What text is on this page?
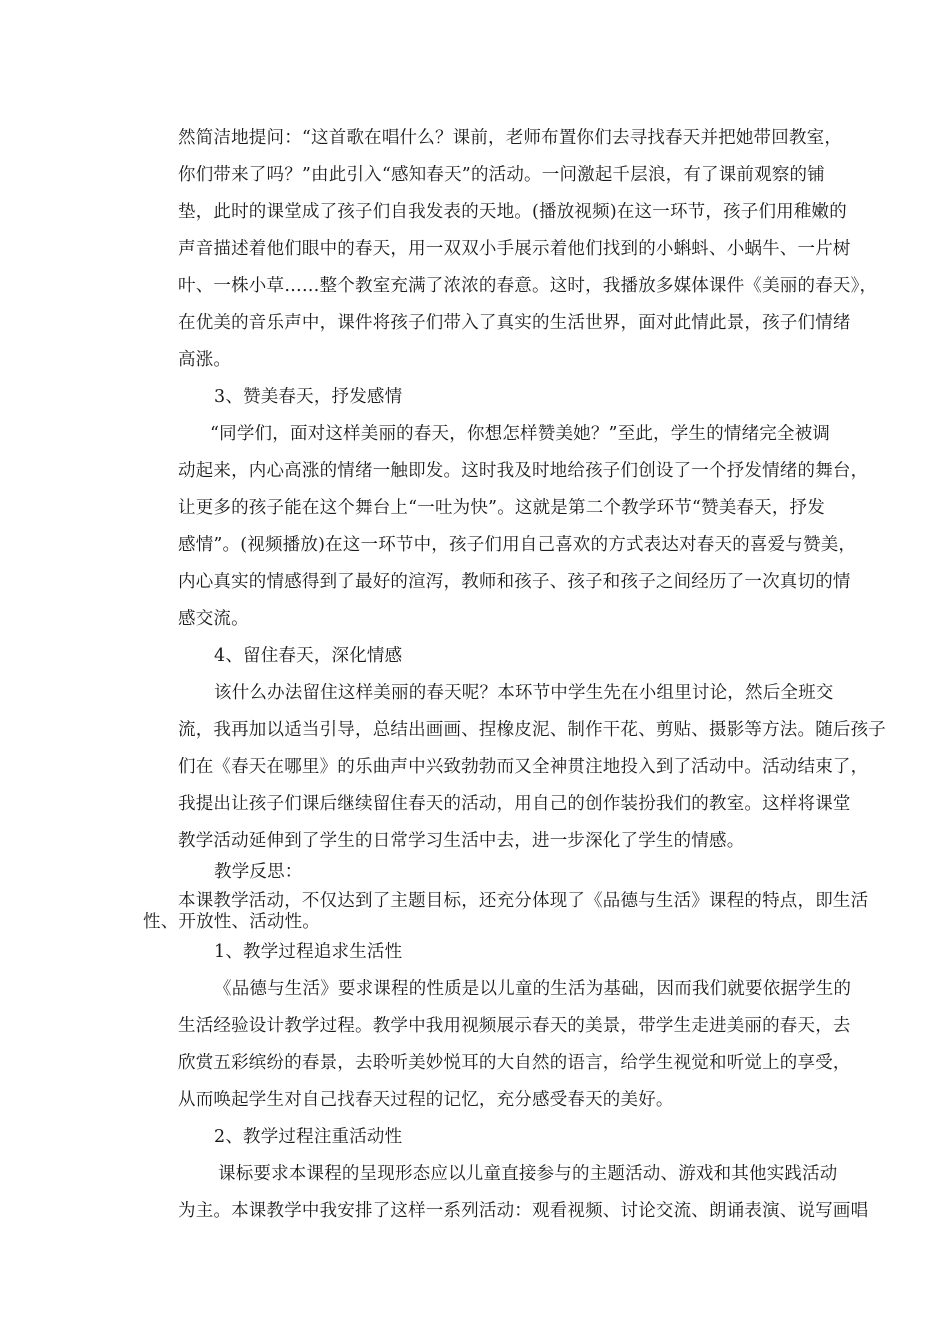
然简洁地提问：“这首歌在唱什么？课前，老师布置你们去寻找春天并把她带回教室，
你们带来了吗？”由此引入“感知春天”的活动。一问激起千层浪，有了课前观察的铺
垫，此时的课堂成了孩子们自我发表的天地。(播放视频)在这一环节，孩子们用稚嫩的
声音描述着他们眼中的春天，用一双双小手展示着他们找到的小蝌蚪、小蜗牛、一片树
叶、一株小草……整个教室充满了浓浓的春意。这时，我播放多媒体课件《美丽的春天》，
在优美的音乐声中，课件将孩子们带入了真实的生活世界，面对此情此景，孩子们情绪
高涨。
3、赞美春天，抒发感情
“同学们，面对这样美丽的春天，你想怎样赞美她？”至此，学生的情绪完全被调
动起来，内心高涨的情绪一触即发。这时我及时地给孩子们创设了一个抒发情绪的舞台，
让更多的孩子能在这个舞台上“一吐为快”。这就是第二个教学环节“赞美春天，抒发
感情”。(视频播放)在这一环节中，孩子们用自己喜欢的方式表达对春天的喜爱与赞美，
内心真实的情感得到了最好的渲泻，教师和孩子、孩子和孩子之间经历了一次真切的情
感交流。
4、留住春天，深化情感
该什么办法留住这样美丽的春天呢？本环节中学生先在小组里讨论，然后全班交
流，我再加以适当引导，总结出画画、捏橡皮泥、制作干花、剪贴、摄影等方法。随后孩子
们在《春天在哪里》的乐曲声中兴致勃勃而又全神贯注地投入到了活动中。活动结束了，
我提出让孩子们课后继续留住春天的活动，用自己的创作装扮我们的教室。这样将课堂
教学活动延伸到了学生的日常学习生活中去，进一步深化了学生的情感。
教学反思：
本课教学活动，不仅达到了主题目标，还充分体现了《品德与生活》课程的特点，即生活
性、开放性、活动性。
1、教学过程追求生活性
《品德与生活》要求课程的性质是以儿童的生活为基础，因而我们就要依据学生的
生活经验设计教学过程。教学中我用视频展示春天的美景，带学生走进美丽的春天，去
欣赏五彩缤纷的春景，去聆听美妙悦耳的大自然的语言，给学生视觉和听觉上的享受，
从而唤起学生对自己找春天过程的记忆，充分感受春天的美好。
2、教学过程注重活动性
课标要求本课程的呈现形态应以儿童直接参与的主题活动、游戏和其他实践活动
为主。本课教学中我安排了这样一系列活动：观看视频、讨论交流、朗诵表演、说写画唱
